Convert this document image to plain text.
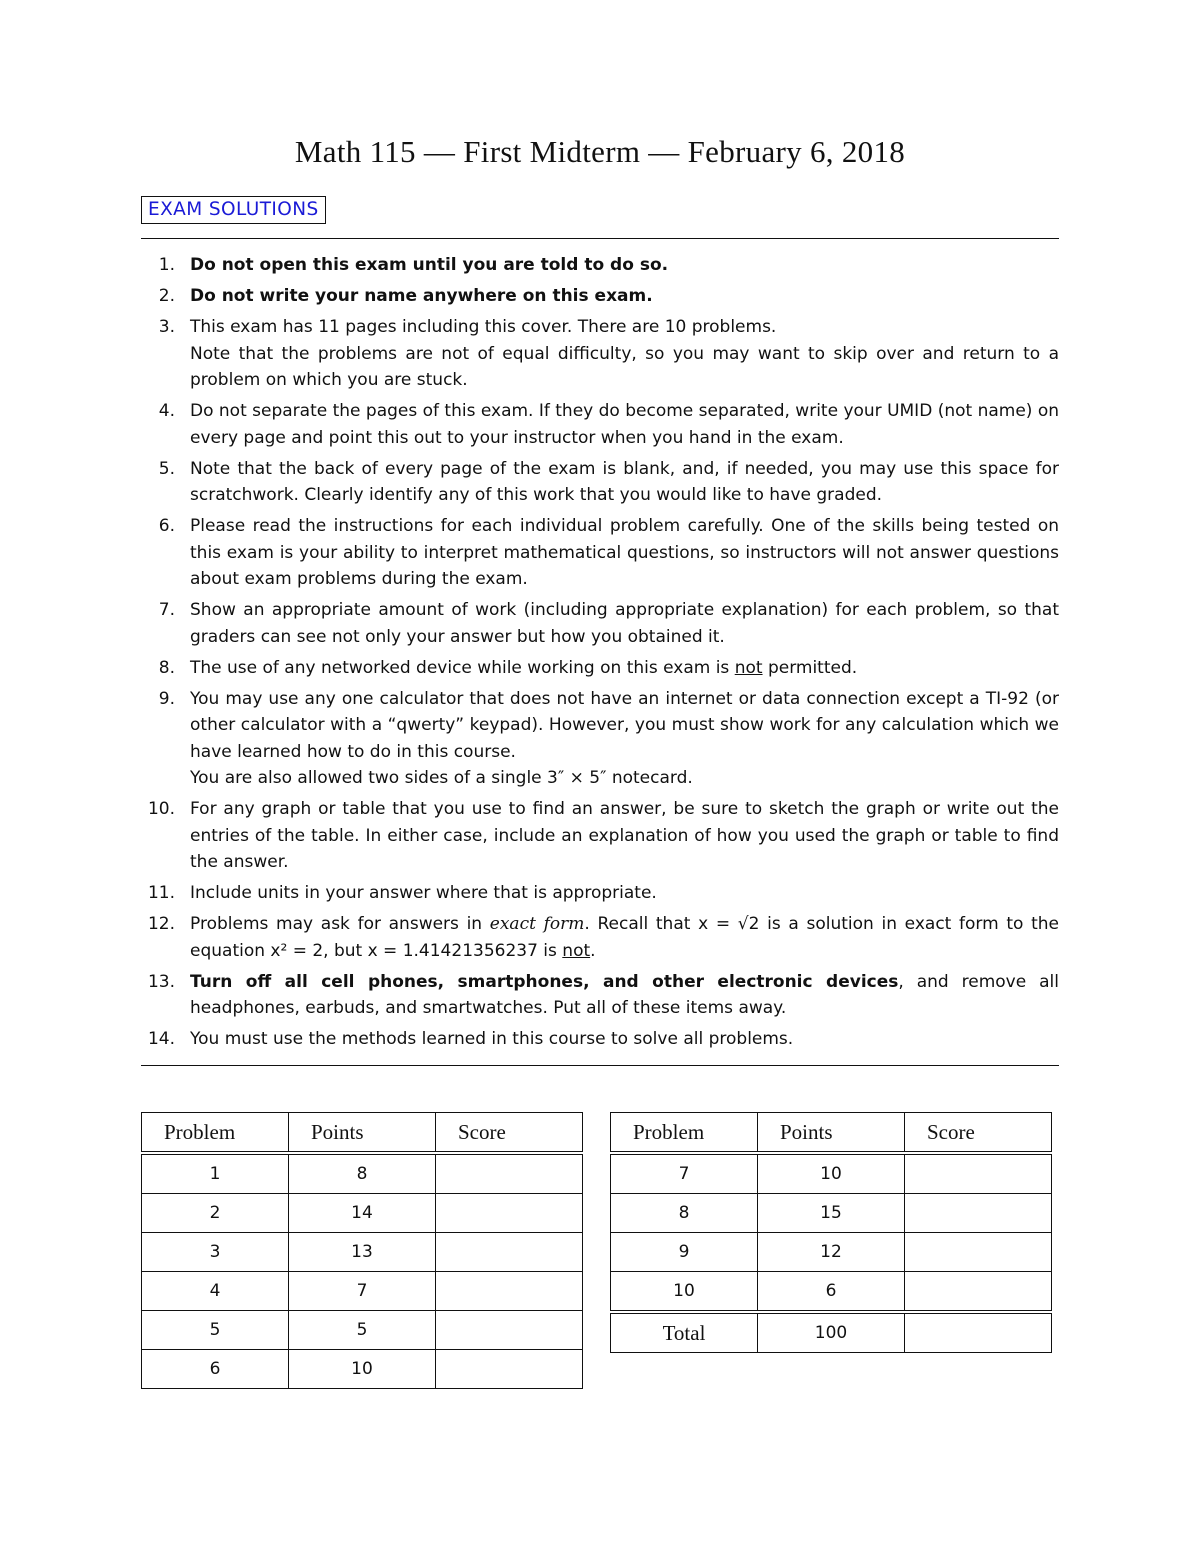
Math 115 — First Midterm — February 6, 2018
EXAM SOLUTIONS
1. Do not open this exam until you are told to do so.
2. Do not write your name anywhere on this exam.
3. This exam has 11 pages including this cover. There are 10 problems.
Note that the problems are not of equal difficulty, so you may want to skip over and return to a problem on which you are stuck.
4. Do not separate the pages of this exam. If they do become separated, write your UMID (not name) on every page and point this out to your instructor when you hand in the exam.
5. Note that the back of every page of the exam is blank, and, if needed, you may use this space for scratchwork. Clearly identify any of this work that you would like to have graded.
6. Please read the instructions for each individual problem carefully. One of the skills being tested on this exam is your ability to interpret mathematical questions, so instructors will not answer questions about exam problems during the exam.
7. Show an appropriate amount of work (including appropriate explanation) for each problem, so that graders can see not only your answer but how you obtained it.
8. The use of any networked device while working on this exam is not permitted.
9. You may use any one calculator that does not have an internet or data connection except a TI-92 (or other calculator with a “qwerty” keypad). However, you must show work for any calculation which we have learned how to do in this course.
You are also allowed two sides of a single 3″ × 5″ notecard.
10. For any graph or table that you use to find an answer, be sure to sketch the graph or write out the entries of the table. In either case, include an explanation of how you used the graph or table to find the answer.
11. Include units in your answer where that is appropriate.
12. Problems may ask for answers in exact form. Recall that x = √2 is a solution in exact form to the equation x² = 2, but x = 1.41421356237 is not.
13. Turn off all cell phones, smartphones, and other electronic devices, and remove all headphones, earbuds, and smartwatches. Put all of these items away.
14. You must use the methods learned in this course to solve all problems.
Problem	Points	Score
1	8	
2	14	
3	13	
4	7	
5	5	
6	10	
Problem	Points	Score
7	10	
8	15	
9	12	
10	6	
Total	100	
